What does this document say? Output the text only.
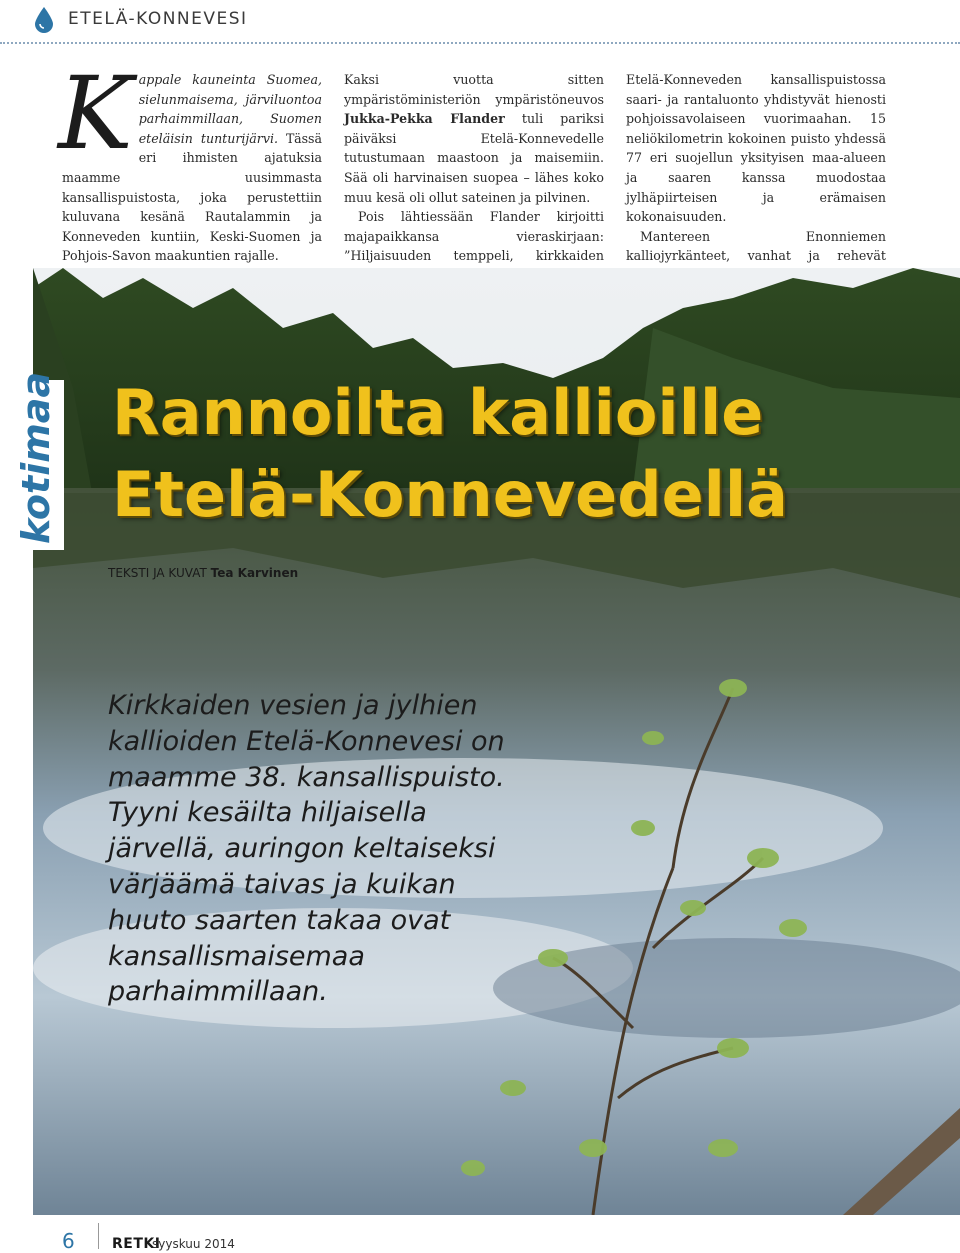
ETELÄ-KONNEVESI
Kappale kauneinta Suomea, sielunmaisema, järviluontoa parhaimmillaan, Suomen eteläisin tunturijärvi. Tässä eri ihmisten ajatuksia maamme uusimmasta kansallispuistosta, joka perustettiin kuluvana kesänä Rautalammin ja Konneveden kuntiin, Keski-Suomen ja Pohjois-Savon maakuntien rajalle.

Kaksi vuotta sitten ympäristöministeriön ympäristöneuvos Jukka-Pekka Flander tuli pariksi päiväksi Etelä-Konnevedelle tutustumaan maastoon ja maisemiin. Sää oli harvinaisen suopea – lähes koko muu kesä oli ollut sateinen ja pilvinen.

Pois lähtiessään Flander kirjoitti majapaikkansa vieraskirjaan: ”Hiljaisuuden temppeli, kirkkaiden

Etelä-Konneveden kansallispuistossa saari- ja rantaluonto yhdistyvät hienosti pohjoissavolaiseen vuorimaahan. 15 neliökilometrin kokoinen puisto yhdessä 77 eri suojellun yksityisen maa-alueen ja saaren kanssa muodostaa jylhäpiirteisen ja erämaisen kokonaisuuden.

Mantereen Enonniemen kalliojyrkänteet, vanhat ja rehevät

kotimaa Rannoilta kallioille
Etelä-Konnevedellä
TEKSTI JA KUVAT Tea Karvinen
Kirkkaiden vesien ja jylhien kallioiden Etelä-Konnevesi on maamme 38. kansallispuisto. Tyyni kesäilta hiljaisella järvellä, auringon keltaiseksi värjäämä taivas ja kuikan huuto saarten takaa ovat kansallismaisemaa parhaimmillaan.
6	RETKI
syyskuu 2014
